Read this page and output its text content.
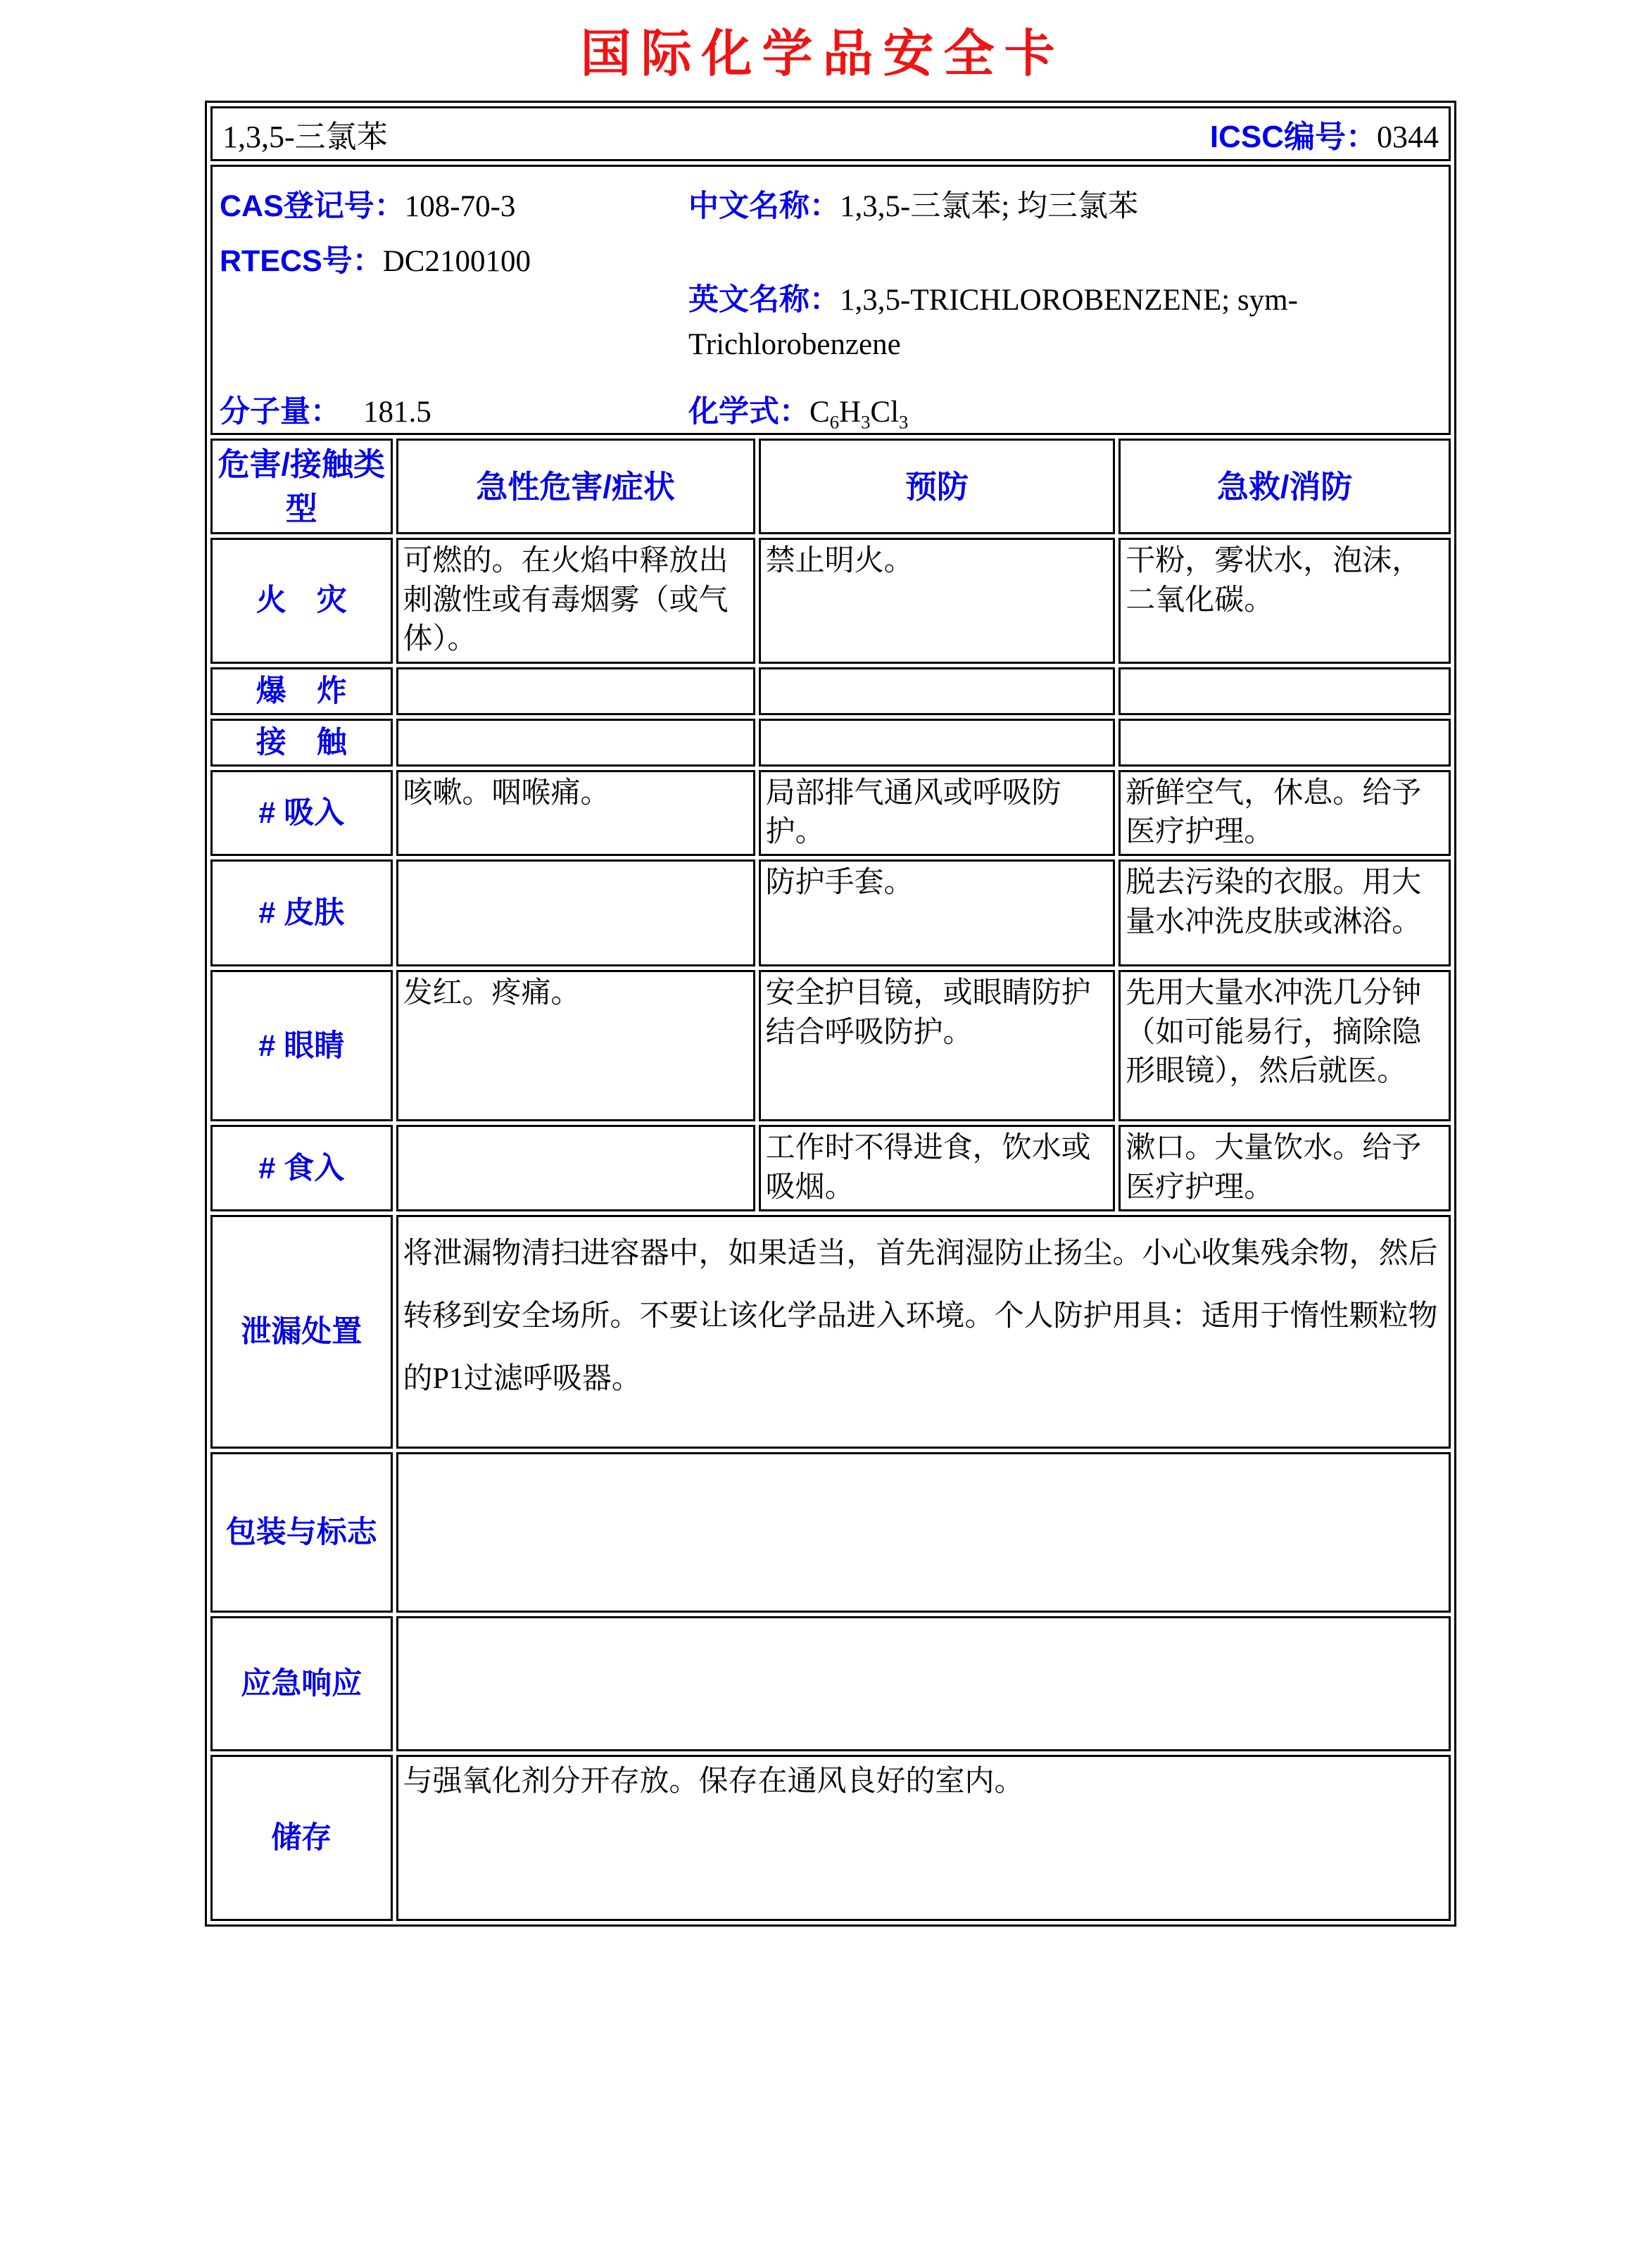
国际化学品安全卡
1,3,5-三氯苯 ICSC编号：0344			

CAS登记号：108-70-3
RTECS号：DC2100100
中文名称：1,3,5-三氯苯; 均三氯苯
英文名称：1,3,5-TRICHLOROBENZENE; sym-Trichlorobenzene
分子量： 181.5	化学式：$C_6H_3Cl_3$

危害/接触类型	急性危害/症状	预防	急救/消防
火　灾	可燃的。在火焰中释放出刺激性或有毒烟雾（或气体）。	禁止明火。	干粉，雾状水，泡沫，二氧化碳。
爆　炸			
接　触			
# 吸入	咳嗽。咽喉痛。	局部排气通风或呼吸防护。	新鲜空气，休息。给予医疗护理。
# 皮肤		防护手套。	脱去污染的衣服。用大量水冲洗皮肤或淋浴。
# 眼睛	发红。疼痛。	安全护目镜，或眼睛防护结合呼吸防护。	先用大量水冲洗几分钟（如可能易行，摘除隐形眼镜），然后就医。
# 食入		工作时不得进食，饮水或吸烟。	漱口。大量饮水。给予医疗护理。
泄漏处置	将泄漏物清扫进容器中，如果适当，首先润湿防止扬尘。小心收集残余物，然后转移到安全场所。不要让该化学品进入环境。个人防护用具：适用于惰性颗粒物的P1过滤呼吸器。		
包装与标志			
应急响应			
储存	与强氧化剂分开存放。保存在通风良好的室内。		
